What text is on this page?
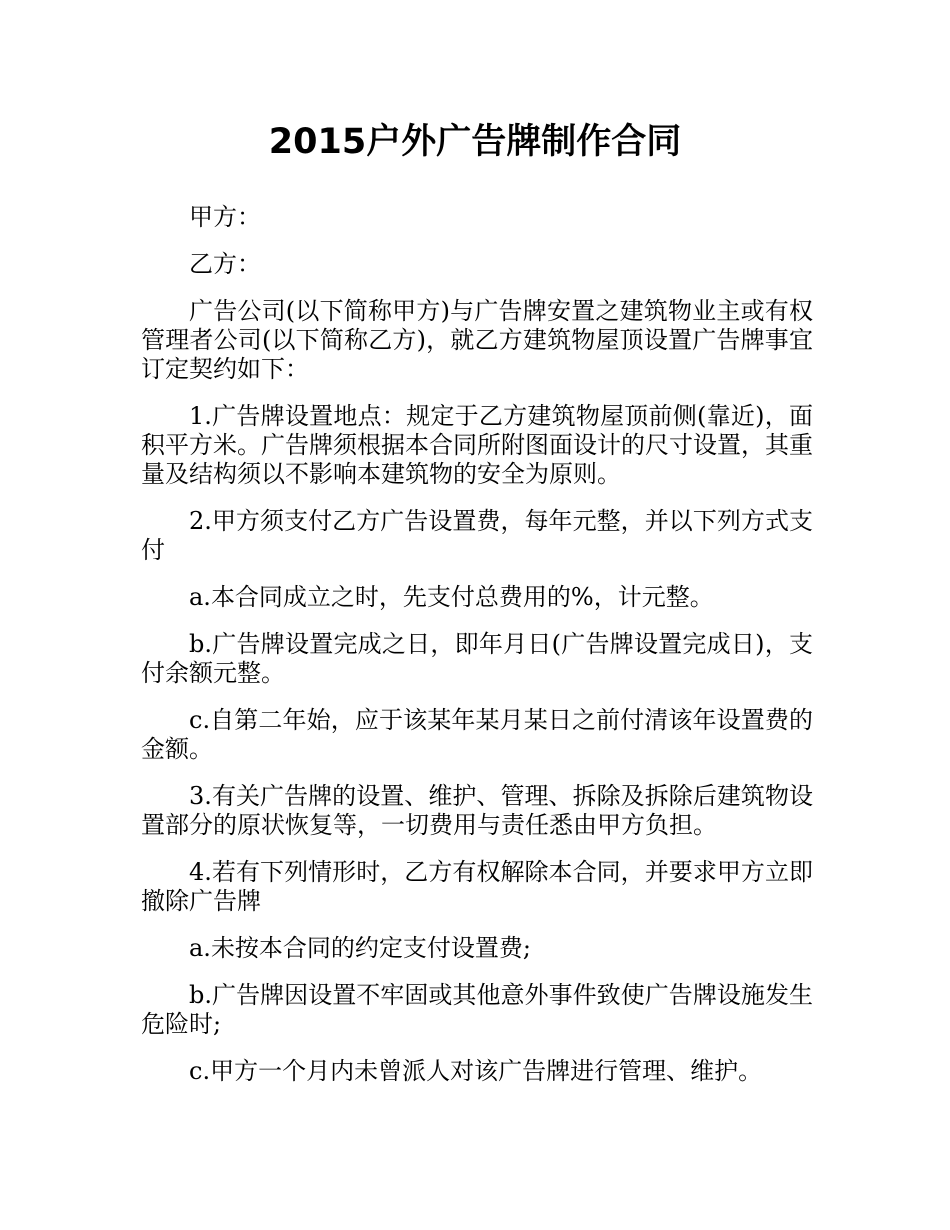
2015户外广告牌制作合同

甲方：

乙方：

广告公司(以下简称甲方)与广告牌安置之建筑物业主或有权管理者公司(以下简称乙方)，就乙方建筑物屋顶设置广告牌事宜订定契约如下：

1.广告牌设置地点：规定于乙方建筑物屋顶前侧(靠近)，面积平方米。广告牌须根据本合同所附图面设计的尺寸设置，其重量及结构须以不影响本建筑物的安全为原则。

2.甲方须支付乙方广告设置费，每年元整，并以下列方式支付

a.本合同成立之时，先支付总费用的%，计元整。

b.广告牌设置完成之日，即年月日(广告牌设置完成日)，支付余额元整。

c.自第二年始，应于该某年某月某日之前付清该年设置费的金额。

3.有关广告牌的设置、维护、管理、拆除及拆除后建筑物设置部分的原状恢复等，一切费用与责任悉由甲方负担。

4.若有下列情形时，乙方有权解除本合同，并要求甲方立即撤除广告牌

a.未按本合同的约定支付设置费;

b.广告牌因设置不牢固或其他意外事件致使广告牌设施发生危险时;

c.甲方一个月内未曾派人对该广告牌进行管理、维护。
